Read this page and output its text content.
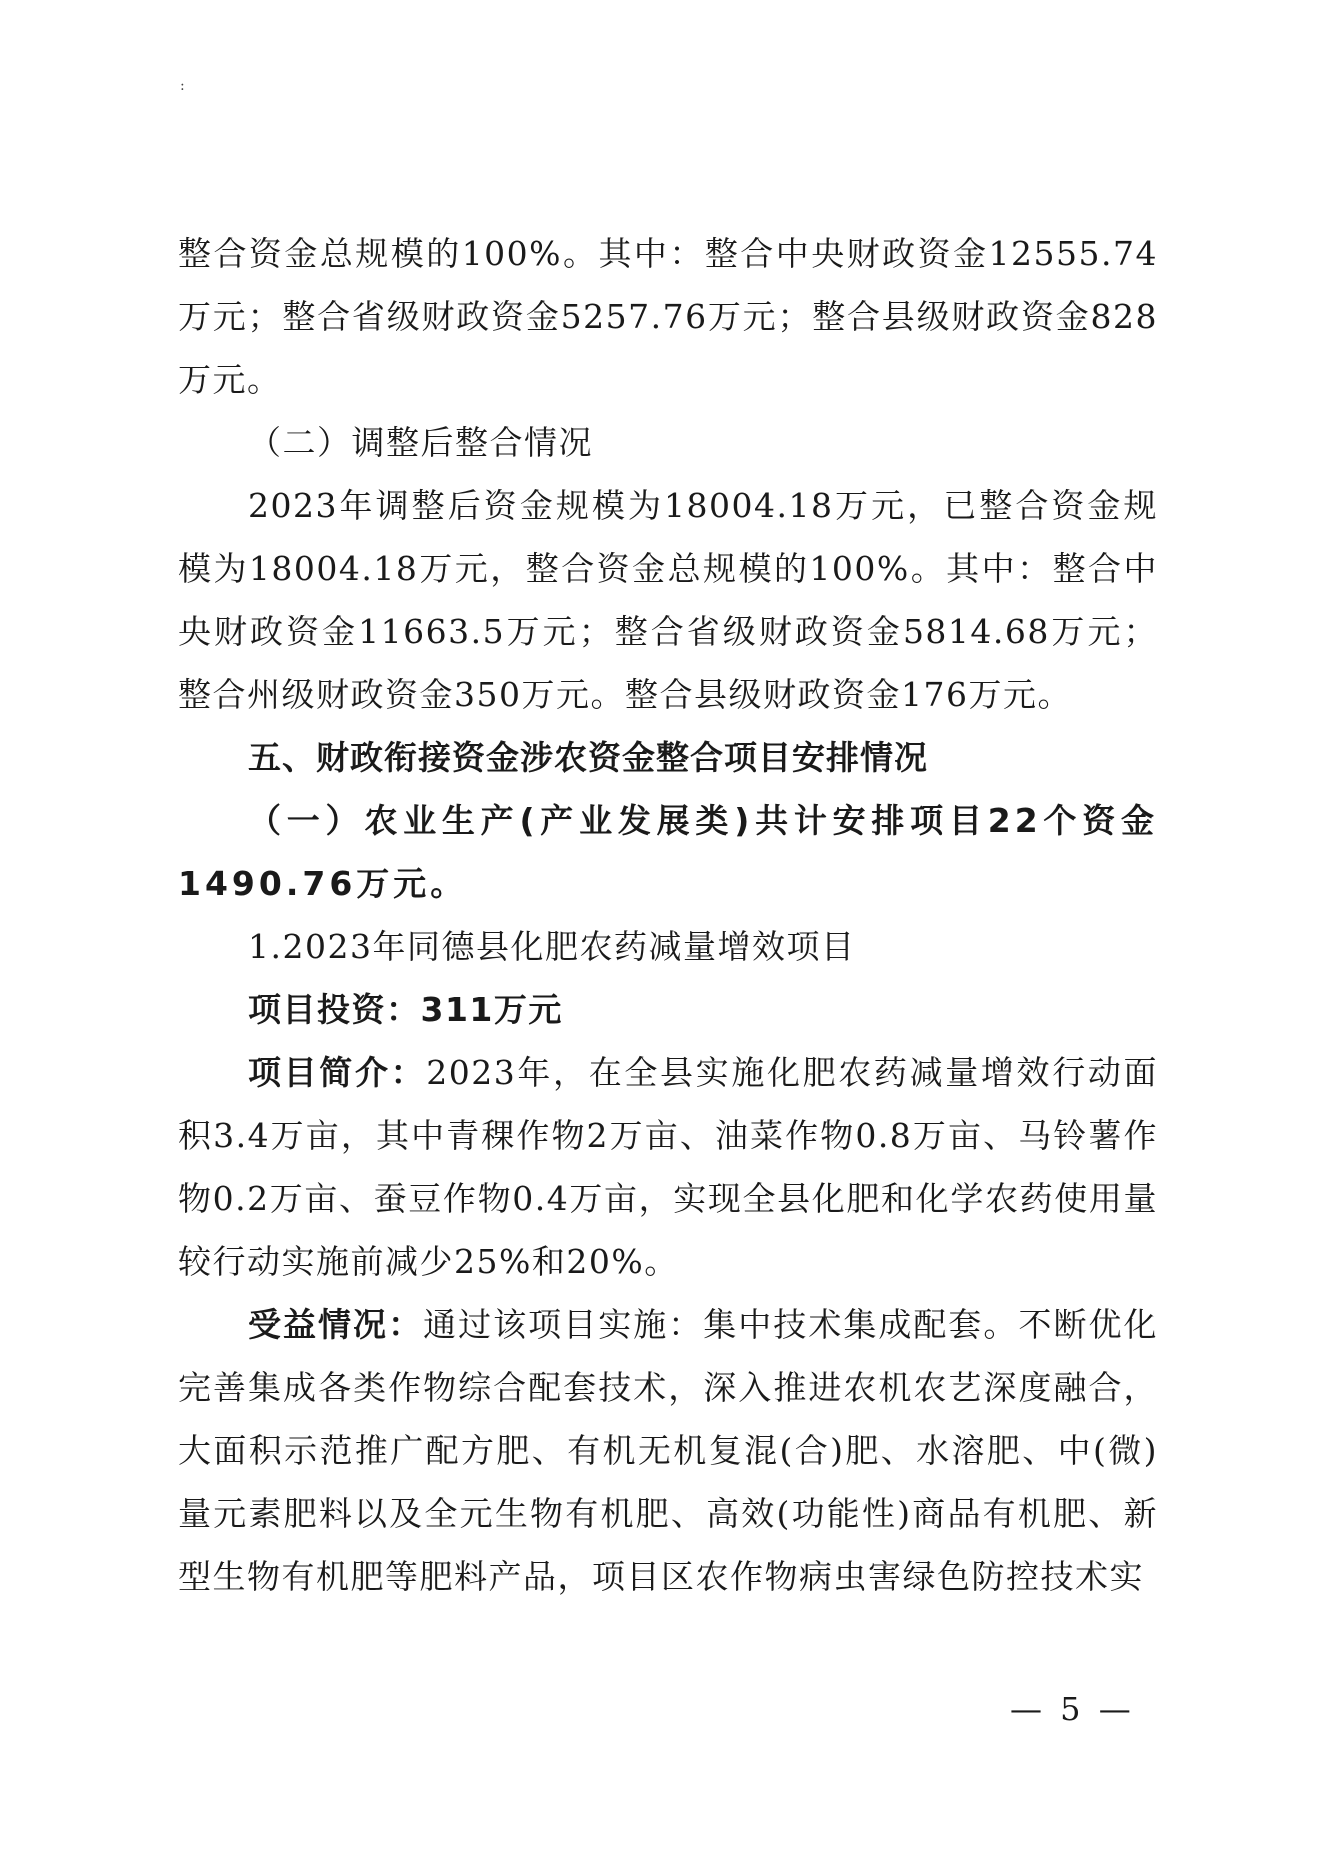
:

整合资金总规模的100%。其中：整合中央财政资金12555.74万元；整合省级财政资金5257.76万元；整合县级财政资金828万元。

（二）调整后整合情况

2023年调整后资金规模为18004.18万元，已整合资金规模为18004.18万元，整合资金总规模的100%。其中：整合中央财政资金11663.5万元；整合省级财政资金5814.68万元；整合州级财政资金350万元。整合县级财政资金176万元。

五、财政衔接资金涉农资金整合项目安排情况

（一）农业生产(产业发展类)共计安排项目22个资金1490.76万元。

1.2023年同德县化肥农药减量增效项目

项目投资：311万元

项目简介：2023年，在全县实施化肥农药减量增效行动面积3.4万亩，其中青稞作物2万亩、油菜作物0.8万亩、马铃薯作物0.2万亩、蚕豆作物0.4万亩，实现全县化肥和化学农药使用量较行动实施前减少25%和20%。

受益情况：通过该项目实施：集中技术集成配套。不断优化完善集成各类作物综合配套技术，深入推进农机农艺深度融合，大面积示范推广配方肥、有机无机复混(合)肥、水溶肥、中(微)量元素肥料以及全元生物有机肥、高效(功能性)商品有机肥、新型生物有机肥等肥料产品，项目区农作物病虫害绿色防控技术实

— 5 —
